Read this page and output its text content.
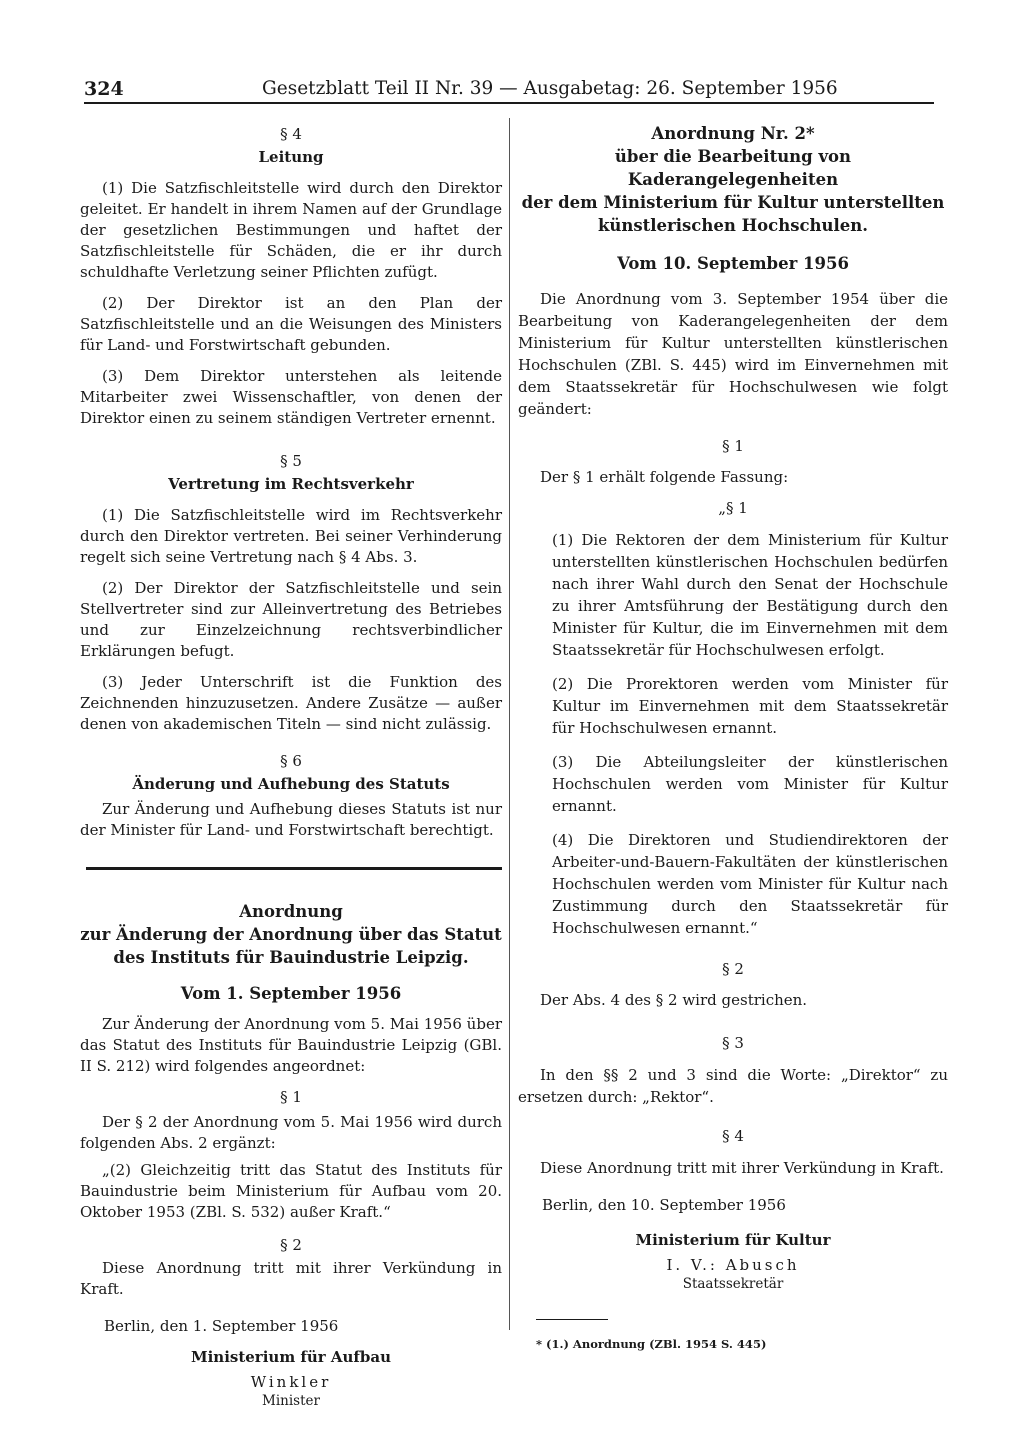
324	Gesetzblatt Teil II Nr. 39 — Ausgabetag: 26. September 1956
§ 4
Leitung

(1) Die Satzfischleitstelle wird durch den Direktor geleitet. Er handelt in ihrem Namen auf der Grundlage der gesetzlichen Bestimmungen und haftet der Satzfischleitstelle für Schäden, die er ihr durch schuldhafte Verletzung seiner Pflichten zufügt.

(2) Der Direktor ist an den Plan der Satzfischleitstelle und an die Weisungen des Ministers für Land- und Forstwirtschaft gebunden.

(3) Dem Direktor unterstehen als leitende Mitarbeiter zwei Wissenschaftler, von denen der Direktor einen zu seinem ständigen Vertreter ernennt.

§ 5
Vertretung im Rechtsverkehr

(1) Die Satzfischleitstelle wird im Rechtsverkehr durch den Direktor vertreten. Bei seiner Verhinderung regelt sich seine Vertretung nach § 4 Abs. 3.

(2) Der Direktor der Satzfischleitstelle und sein Stellvertreter sind zur Alleinvertretung des Betriebes und zur Einzelzeichnung rechtsverbindlicher Erklärungen befugt.

(3) Jeder Unterschrift ist die Funktion des Zeichnenden hinzuzusetzen. Andere Zusätze — außer denen von akademischen Titeln — sind nicht zulässig.

§ 6
Änderung und Aufhebung des Statuts

Zur Änderung und Aufhebung dieses Statuts ist nur der Minister für Land- und Forstwirtschaft berechtigt.

Anordnung
zur Änderung der Anordnung über das Statut
des Instituts für Bauindustrie Leipzig.
Vom 1. September 1956

Zur Änderung der Anordnung vom 5. Mai 1956 über das Statut des Instituts für Bauindustrie Leipzig (GBl. II S. 212) wird folgendes angeordnet:

§ 1

Der § 2 der Anordnung vom 5. Mai 1956 wird durch folgenden Abs. 2 ergänzt:

„(2) Gleichzeitig tritt das Statut des Instituts für Bauindustrie beim Ministerium für Aufbau vom 20. Oktober 1953 (ZBl. S. 532) außer Kraft.“

§ 2

Diese Anordnung tritt mit ihrer Verkündung in Kraft.

Berlin, den 1. September 1956
Ministerium für Aufbau
Winkler
Minister
Anordnung Nr. 2*
über die Bearbeitung von Kaderangelegenheiten
der dem Ministerium für Kultur unterstellten
künstlerischen Hochschulen.
Vom 10. September 1956

Die Anordnung vom 3. September 1954 über die Bearbeitung von Kaderangelegenheiten der dem Ministerium für Kultur unterstellten künstlerischen Hochschulen (ZBl. S. 445) wird im Einvernehmen mit dem Staatssekretär für Hochschulwesen wie folgt geändert:

§ 1

Der § 1 erhält folgende Fassung:

„§ 1

(1) Die Rektoren der dem Ministerium für Kultur unterstellten künstlerischen Hochschulen bedürfen nach ihrer Wahl durch den Senat der Hochschule zu ihrer Amtsführung der Bestätigung durch den Minister für Kultur, die im Einvernehmen mit dem Staatssekretär für Hochschulwesen erfolgt.

(2) Die Prorektoren werden vom Minister für Kultur im Einvernehmen mit dem Staatssekretär für Hochschulwesen ernannt.

(3) Die Abteilungsleiter der künstlerischen Hochschulen werden vom Minister für Kultur ernannt.

(4) Die Direktoren und Studiendirektoren der Arbeiter-und-Bauern-Fakultäten der künstlerischen Hochschulen werden vom Minister für Kultur nach Zustimmung durch den Staatssekretär für Hochschulwesen ernannt.“

§ 2

Der Abs. 4 des § 2 wird gestrichen.

§ 3

In den §§ 2 und 3 sind die Worte: „Direktor“ zu ersetzen durch: „Rektor“.

§ 4

Diese Anordnung tritt mit ihrer Verkündung in Kraft.

Berlin, den 10. September 1956
Ministerium für Kultur
I. V.: Abusch
Staatssekretär
* (1.) Anordnung (ZBl. 1954 S. 445)
